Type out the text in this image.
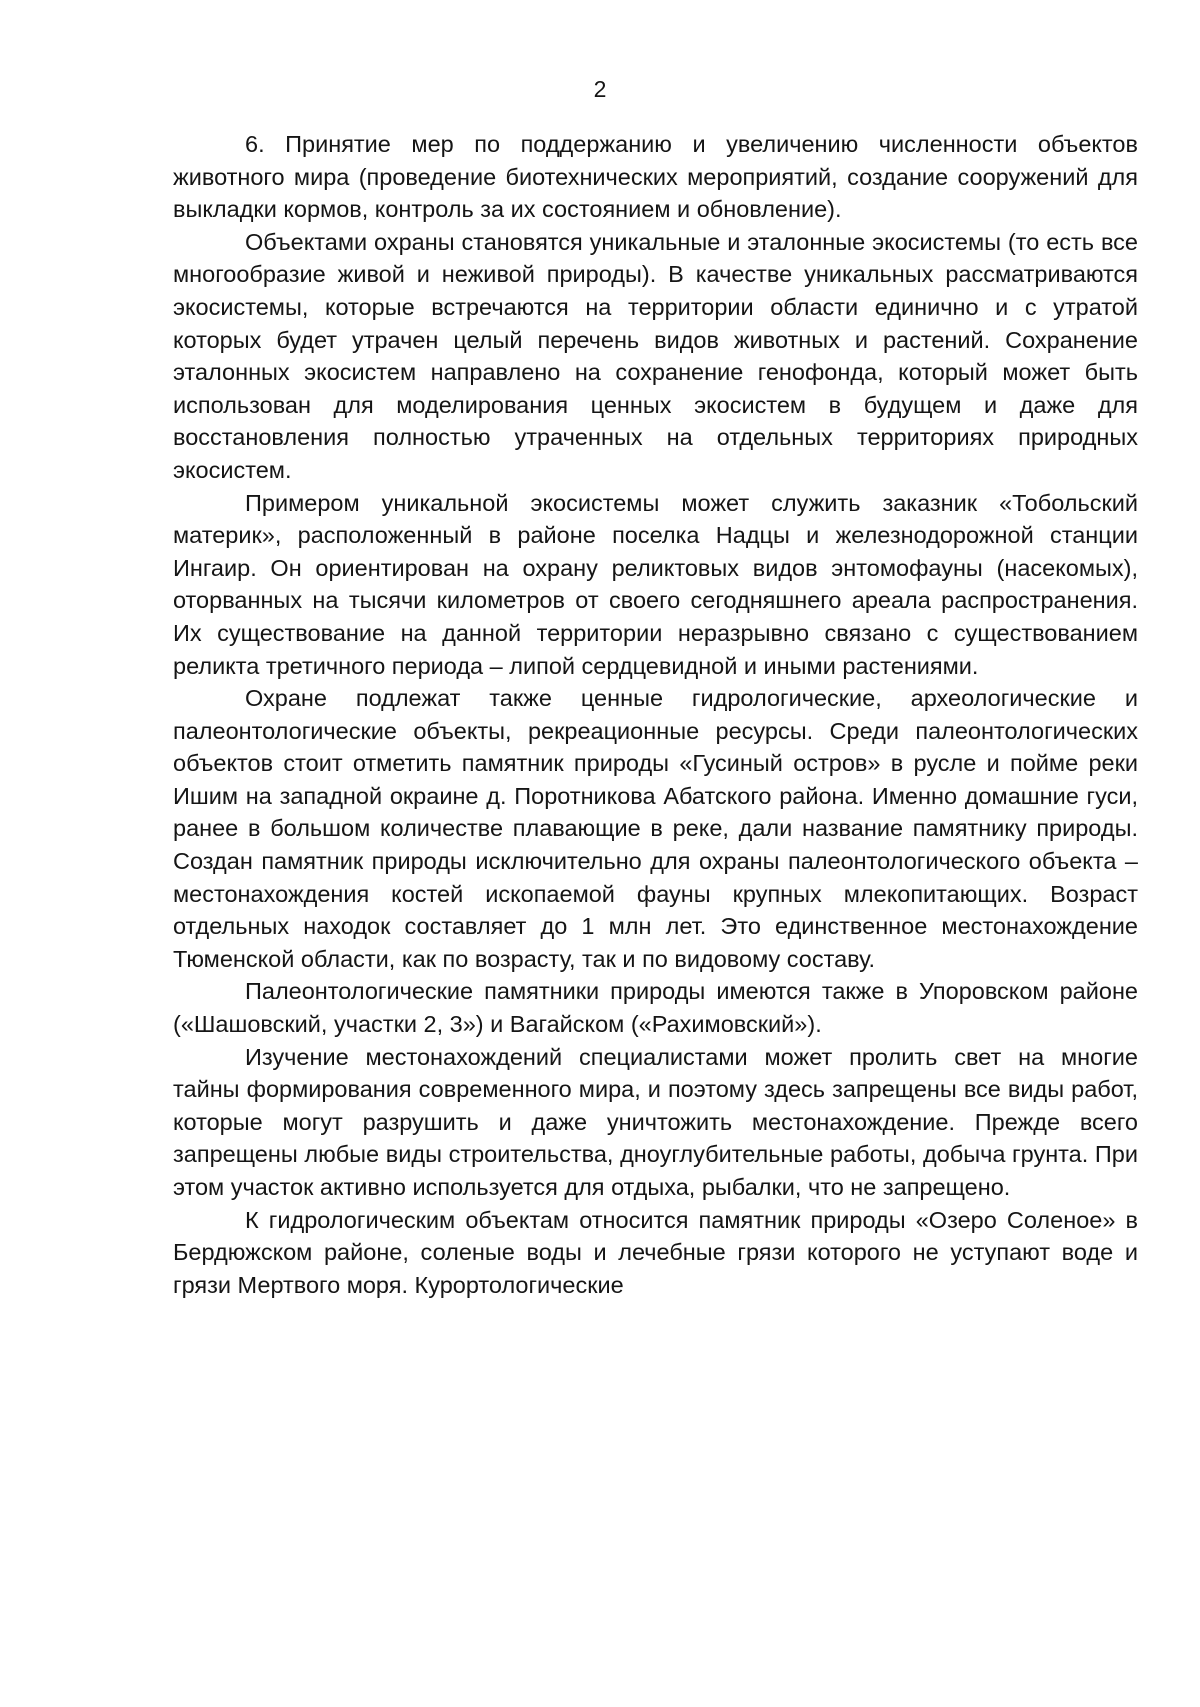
2

6. Принятие мер по поддержанию и увеличению численности объектов животного мира (проведение биотехнических мероприятий, создание сооружений для выкладки кормов, контроль за их состоянием и обновление).

Объектами охраны становятся уникальные и эталонные экосистемы (то есть все многообразие живой и неживой природы). В качестве уникальных рассматриваются экосистемы, которые встречаются на территории области единично и с утратой которых будет утрачен целый перечень видов животных и растений. Сохранение эталонных экосистем направлено на сохранение генофонда, который может быть использован для моделирования ценных экосистем в будущем и даже для восстановления полностью утраченных на отдельных территориях природных экосистем.

Примером уникальной экосистемы может служить заказник «Тобольский материк», расположенный в районе поселка Надцы и железнодорожной станции Ингаир. Он ориентирован на охрану реликтовых видов энтомофауны (насекомых), оторванных на тысячи километров от своего сегодняшнего ареала распространения. Их существование на данной территории неразрывно связано с существованием реликта третичного периода – липой сердцевидной и иными растениями.

Охране подлежат также ценные гидрологические, археологические и палеонтологические объекты, рекреационные ресурсы. Среди палеонтологических объектов стоит отметить памятник природы «Гусиный остров» в русле и пойме реки Ишим на западной окраине д. Поротникова Абатского района. Именно домашние гуси, ранее в большом количестве плавающие в реке, дали название памятнику природы. Создан памятник природы исключительно для охраны палеонтологического объекта – местонахождения костей ископаемой фауны крупных млекопитающих. Возраст отдельных находок составляет до 1 млн лет. Это единственное местонахождение Тюменской области, как по возрасту, так и по видовому составу.

Палеонтологические памятники природы имеются также в Упоровском районе («Шашовский, участки 2, 3») и Вагайском («Рахимовский»).

Изучение местонахождений специалистами может пролить свет на многие тайны формирования современного мира, и поэтому здесь запрещены все виды работ, которые могут разрушить и даже уничтожить местонахождение. Прежде всего запрещены любые виды строительства, дноуглубительные работы, добыча грунта. При этом участок активно используется для отдыха, рыбалки, что не запрещено.

К гидрологическим объектам относится памятник природы «Озеро Соленое» в Бердюжском районе, соленые воды и лечебные грязи которого не уступают воде и грязи Мертвого моря. Курортологические
